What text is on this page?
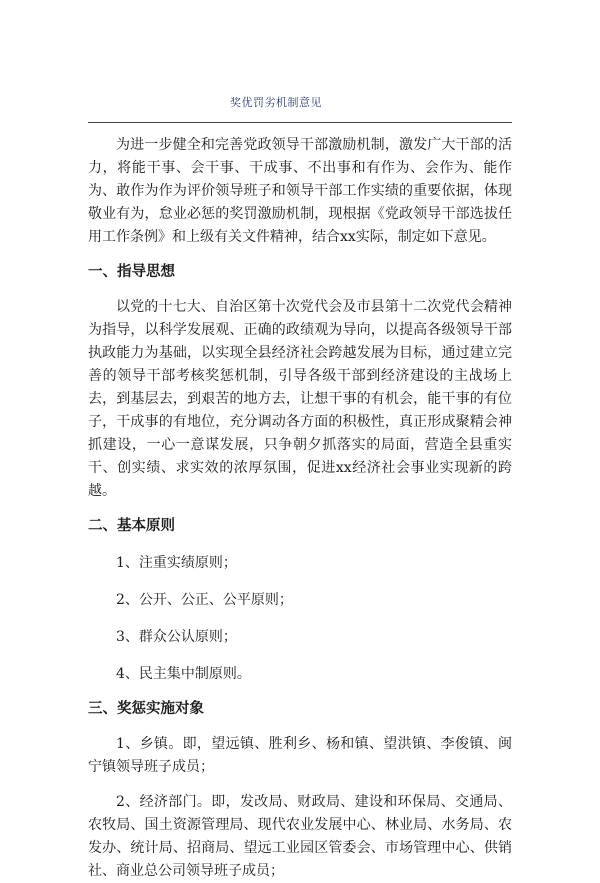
奖优罚劣机制意见

为进一步健全和完善党政领导干部激励机制，激发广大干部的活力，将能干事、会干事、干成事、不出事和有作为、会作为、能作为、敢作为作为评价领导班子和领导干部工作实绩的重要依据，体现敬业有为，怠业必惩的奖罚激励机制，现根据《党政领导干部选拔任用工作条例》和上级有关文件精神，结合xx实际，制定如下意见。

一、指导思想

以党的十七大、自治区第十次党代会及市县第十二次党代会精神为指导，以科学发展观、正确的政绩观为导向，以提高各级领导干部执政能力为基础，以实现全县经济社会跨越发展为目标，通过建立完善的领导干部考核奖惩机制，引导各级干部到经济建设的主战场上去，到基层去，到艰苦的地方去，让想干事的有机会，能干事的有位子，干成事的有地位，充分调动各方面的积极性，真正形成聚精会神抓建设，一心一意谋发展，只争朝夕抓落实的局面，营造全县重实干、创实绩、求实效的浓厚氛围，促进xx经济社会事业实现新的跨越。

二、基本原则

1、注重实绩原则；

2、公开、公正、公平原则；

3、群众公认原则；

4、民主集中制原则。

三、奖惩实施对象

1、乡镇。即，望远镇、胜利乡、杨和镇、望洪镇、李俊镇、闽宁镇领导班子成员；

2、经济部门。即，发改局、财政局、建设和环保局、交通局、农牧局、国土资源管理局、现代农业发展中心、林业局、水务局、农发办、统计局、招商局、望远工业园区管委会、市场管理中心、供销社、商业总公司领导班子成员；
